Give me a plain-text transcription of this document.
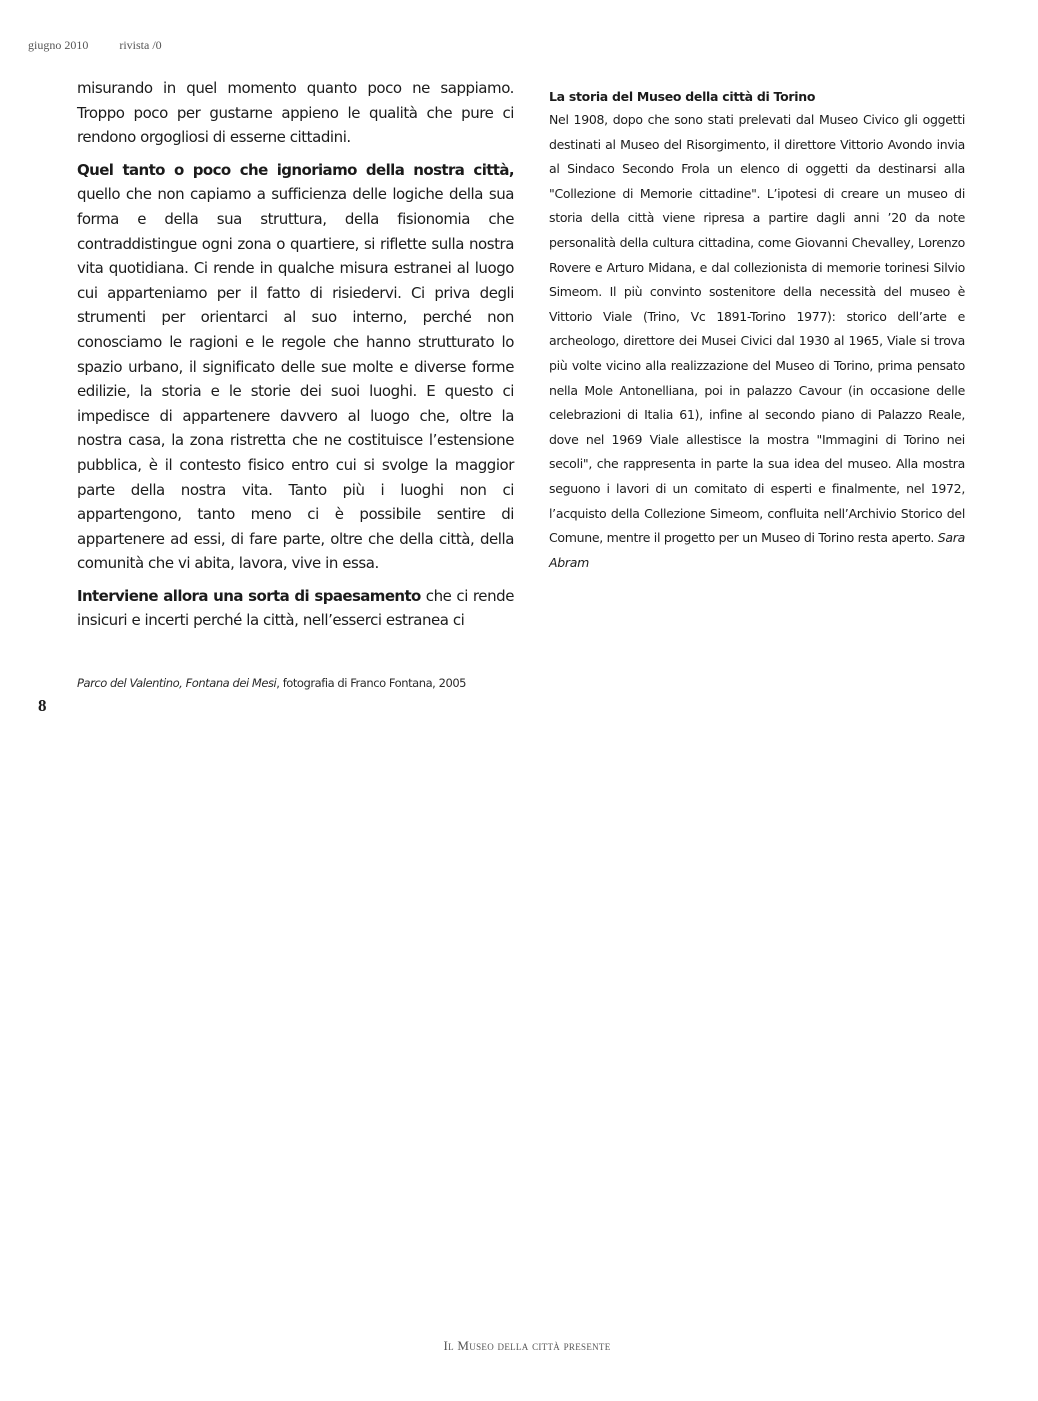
giugno 2010	rivista /0

misurando in quel momento quanto poco ne sappiamo. Troppo poco per gustarne appieno le qualità che pure ci rendono orgogliosi di esserne cittadini.

Quel tanto o poco che ignoriamo della nostra città, quello che non capiamo a sufficienza delle logiche della sua forma e della sua struttura, della fisionomia che contraddistingue ogni zona o quartiere, si riflette sulla nostra vita quotidiana. Ci rende in qualche misura estranei al luogo cui apparteniamo per il fatto di risiedervi. Ci priva degli strumenti per orientarci al suo interno, perché non conosciamo le ragioni e le regole che hanno strutturato lo spazio urbano, il significato delle sue molte e diverse forme edilizie, la storia e le storie dei suoi luoghi. E questo ci impedisce di appartenere davvero al luogo che, oltre la nostra casa, la zona ristretta che ne costituisce l’estensione pubblica, è il contesto fisico entro cui si svolge la maggior parte della nostra vita. Tanto più i luoghi non ci appartengono, tanto meno ci è possibile sentire di appartenere ad essi, di fare parte, oltre che della città, della comunità che vi abita, lavora, vive in essa.

Interviene allora una sorta di spaesamento che ci rende insicuri e incerti perché la città, nell’esserci estranea ci

La storia del Museo della città di Torino

Nel 1908, dopo che sono stati prelevati dal Museo Civico gli oggetti destinati al Museo del Risorgimento, il direttore Vittorio Avondo invia al Sindaco Secondo Frola un elenco di oggetti da destinarsi alla "Collezione di Memorie cittadine". L’ipotesi di creare un museo di storia della città viene ripresa a partire dagli anni ’20 da note personalità della cultura cittadina, come Giovanni Chevalley, Lorenzo Rovere e Arturo Midana, e dal collezionista di memorie torinesi Silvio Simeom. Il più convinto sostenitore della necessità del museo è Vittorio Viale (Trino, Vc 1891-Torino 1977): storico dell’arte e archeologo, direttore dei Musei Civici dal 1930 al 1965, Viale si trova più volte vicino alla realizzazione del Museo di Torino, prima pensato nella Mole Antonelliana, poi in palazzo Cavour (in occasione delle celebrazioni di Italia 61), infine al secondo piano di Palazzo Reale, dove nel 1969 Viale allestisce la mostra "Immagini di Torino nei secoli", che rappresenta in parte la sua idea del museo. Alla mostra seguono i lavori di un comitato di esperti e finalmente, nel 1972, l’acquisto della Collezione Simeom, confluita nell’Archivio Storico del Comune, mentre il progetto per un Museo di Torino resta aperto. Sara Abram

Parco del Valentino, Fontana dei Mesi, fotografia di Franco Fontana, 2005
8
Il Museo della città presente
